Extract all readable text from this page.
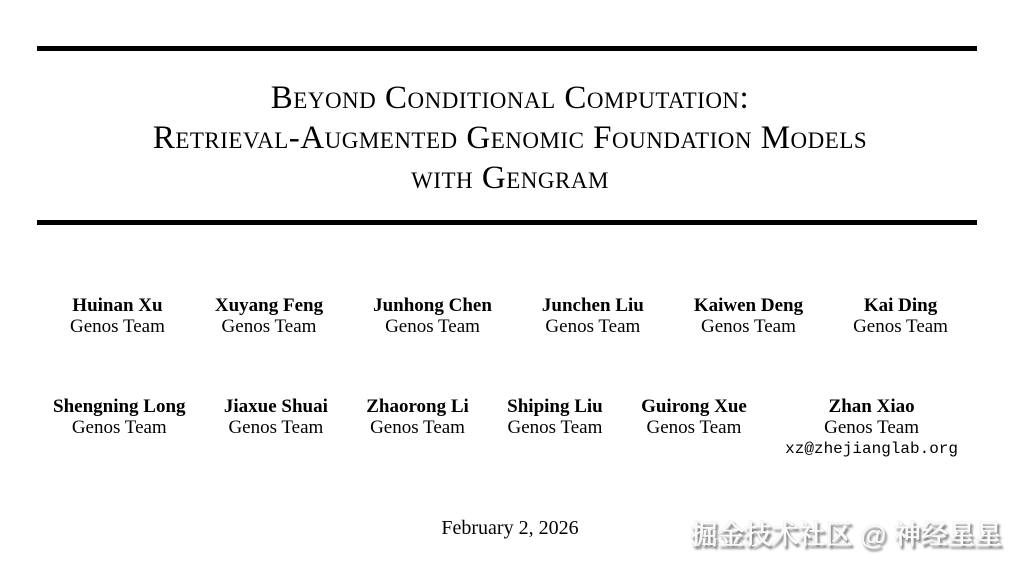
Beyond Conditional Computation:
Retrieval-Augmented Genomic Foundation Models
with Gengram
Huinan Xu
Genos Team
Xuyang Feng
Genos Team
Junhong Chen
Genos Team
Junchen Liu
Genos Team
Kaiwen Deng
Genos Team
Kai Ding
Genos Team
Shengning Long
Genos Team
Jiaxue Shuai
Genos Team
Zhaorong Li
Genos Team
Shiping Liu
Genos Team
Guirong Xue
Genos Team
Zhan Xiao
Genos Team
xz@zhejianglab.org
February 2, 2026	掘金技术社区 @ 神经星星
